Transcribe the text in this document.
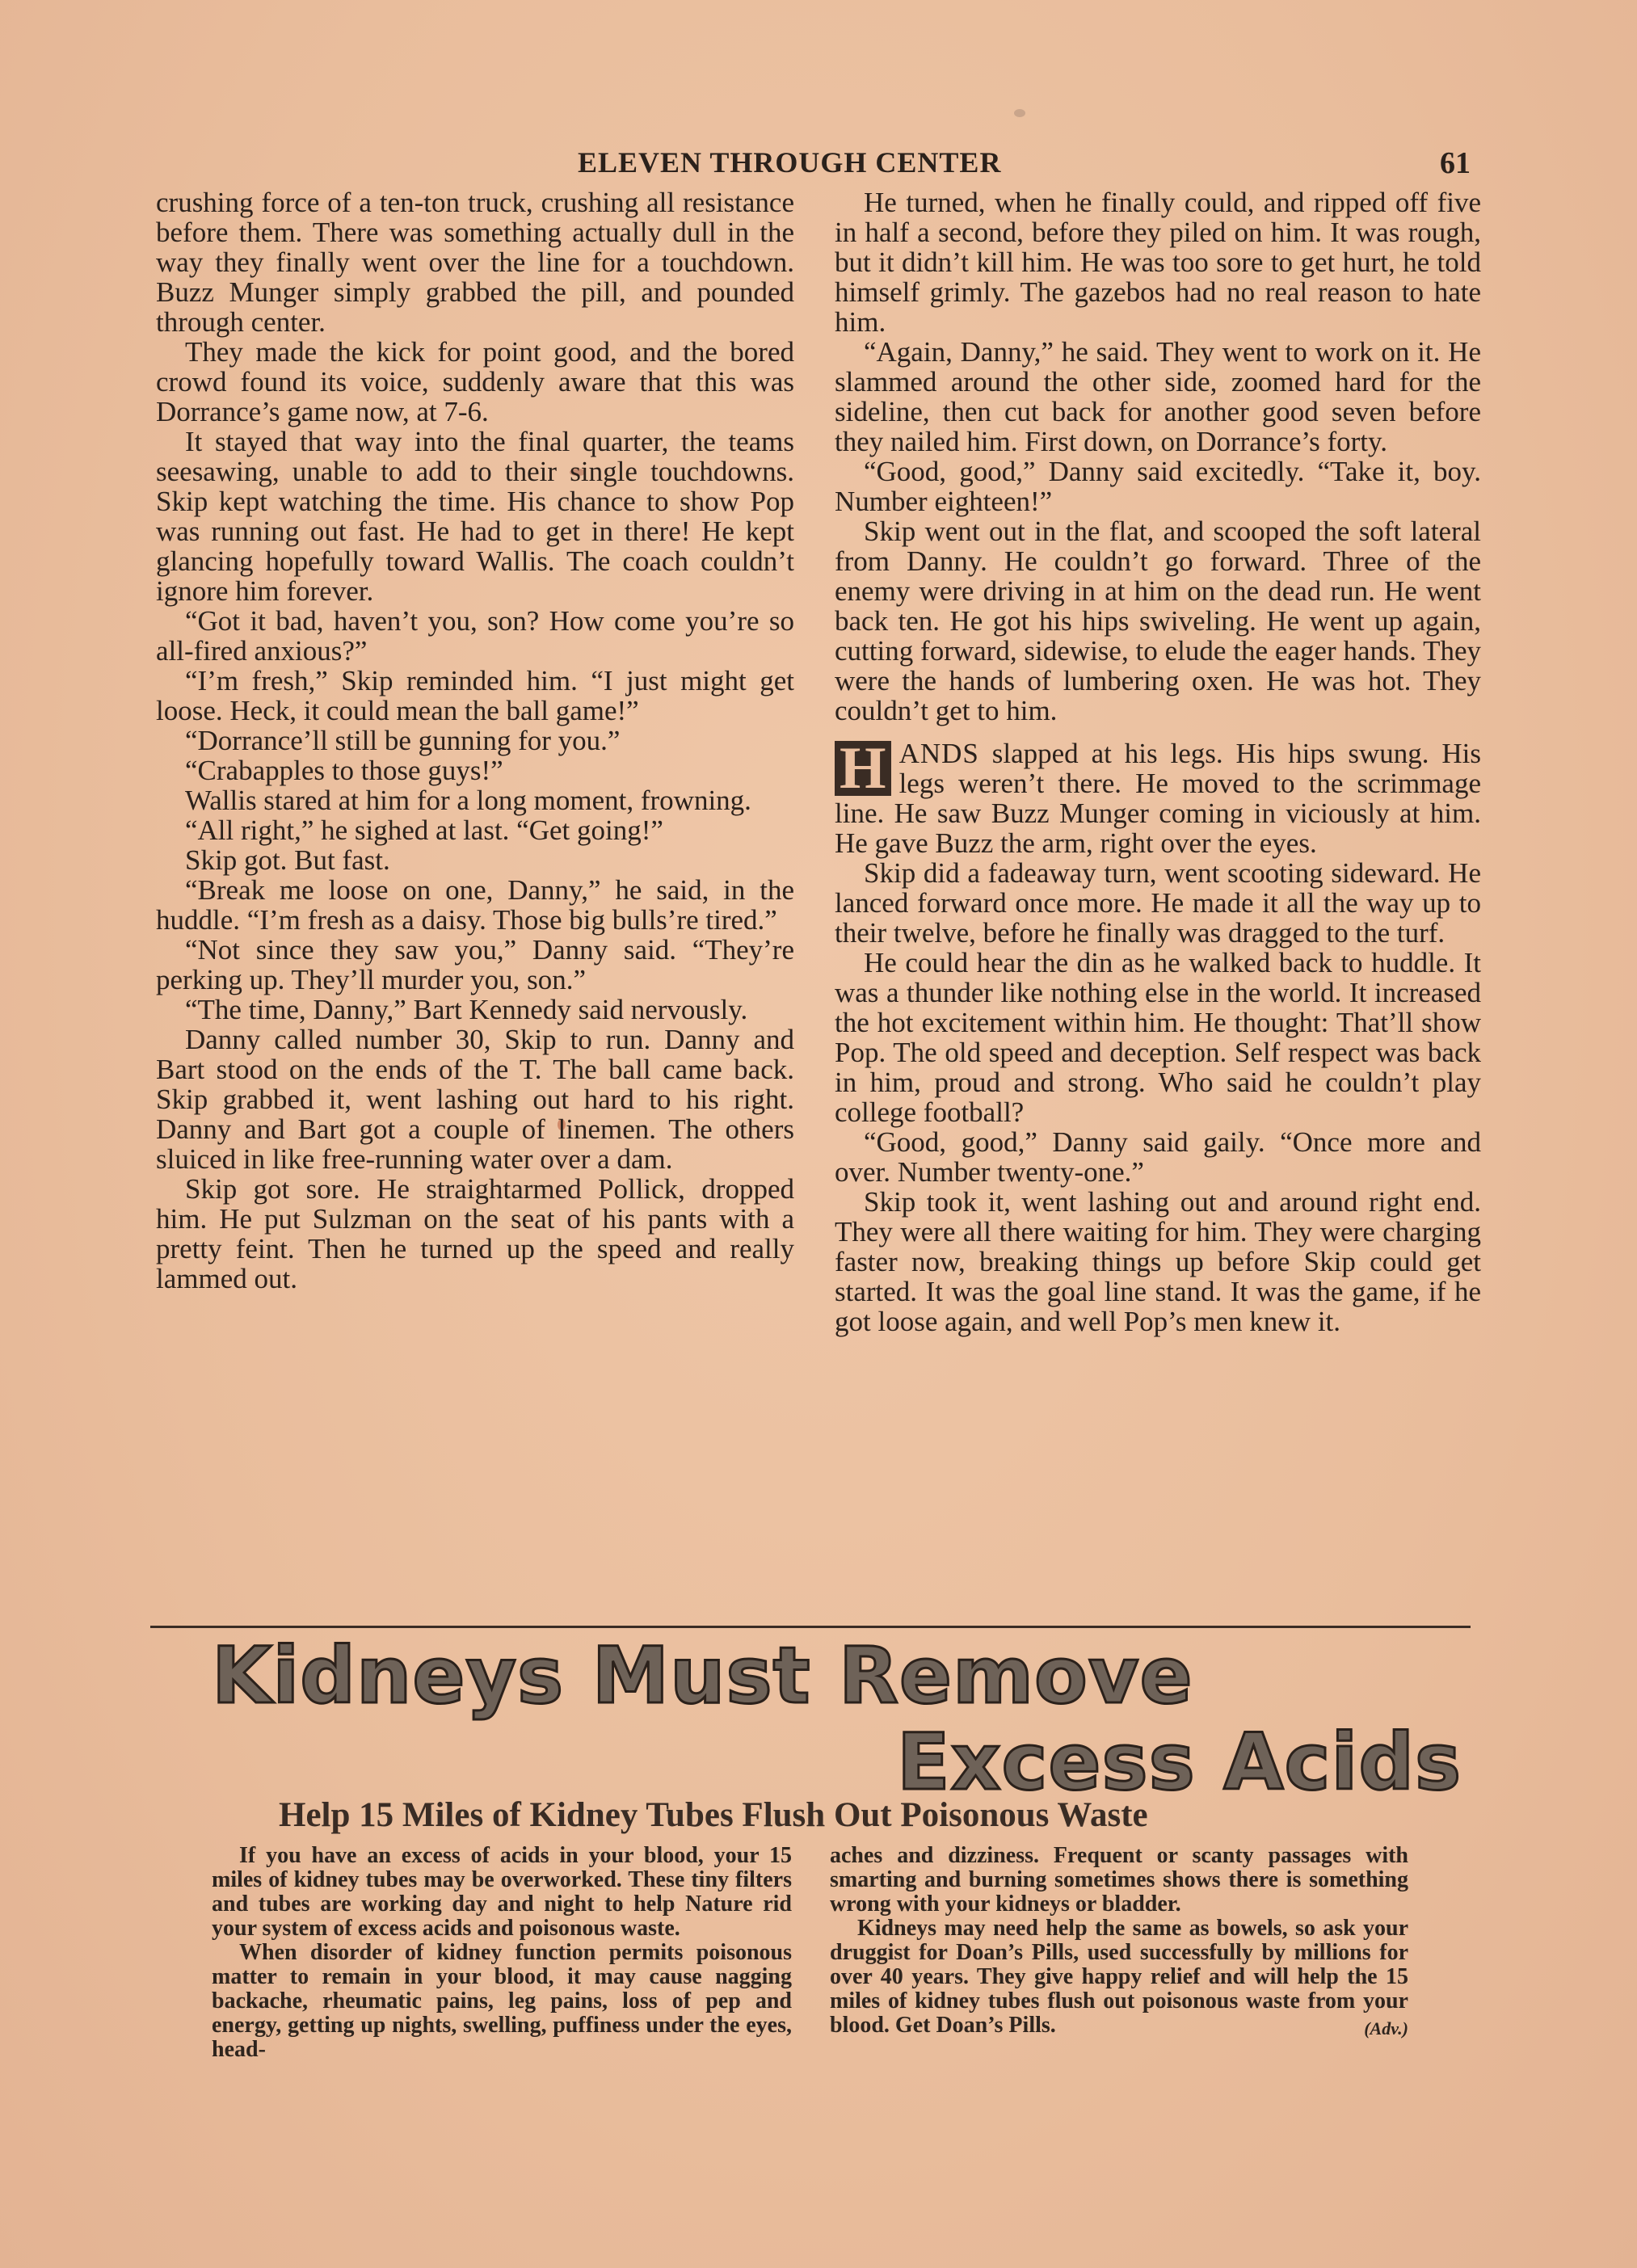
ELEVEN THROUGH CENTER	61

crushing force of a ten-ton truck, crushing all resistance before them. There was something actually dull in the way they finally went over the line for a touchdown. Buzz Munger simply grabbed the pill, and pounded through center.

They made the kick for point good, and the bored crowd found its voice, suddenly aware that this was Dorrance’s game now, at 7-6.

It stayed that way into the final quarter, the teams seesawing, unable to add to their single touchdowns. Skip kept watching the time. His chance to show Pop was running out fast. He had to get in there! He kept glancing hopefully toward Wallis. The coach couldn’t ignore him forever.

“Got it bad, haven’t you, son? How come you’re so all-fired anxious?”

“I’m fresh,” Skip reminded him. “I just might get loose. Heck, it could mean the ball game!”

“Dorrance’ll still be gunning for you.”

“Crabapples to those guys!”

Wallis stared at him for a long moment, frowning.

“All right,” he sighed at last. “Get going!”

Skip got. But fast.

“Break me loose on one, Danny,” he said, in the huddle. “I’m fresh as a daisy. Those big bulls’re tired.”

“Not since they saw you,” Danny said. “They’re perking up. They’ll murder you, son.”

“The time, Danny,” Bart Kennedy said nervously.

Danny called number 30, Skip to run. Danny and Bart stood on the ends of the T. The ball came back. Skip grabbed it, went lashing out hard to his right. Danny and Bart got a couple of linemen. The others sluiced in like free-running water over a dam.

Skip got sore. He straightarmed Pollick, dropped him. He put Sulzman on the seat of his pants with a pretty feint. Then he turned up the speed and really lammed out.

He turned, when he finally could, and ripped off five in half a second, before they piled on him. It was rough, but it didn’t kill him. He was too sore to get hurt, he told himself grimly. The gazebos had no real reason to hate him.

“Again, Danny,” he said. They went to work on it. He slammed around the other side, zoomed hard for the sideline, then cut back for another good seven before they nailed him. First down, on Dorrance’s forty.

“Good, good,” Danny said excitedly. “Take it, boy. Number eighteen!”

Skip went out in the flat, and scooped the soft lateral from Danny. He couldn’t go forward. Three of the enemy were driving in at him on the dead run. He went back ten. He got his hips swiveling. He went up again, cutting forward, sidewise, to elude the eager hands. They were the hands of lumbering oxen. He was hot. They couldn’t get to him.

H ANDS slapped at his legs. His hips swung. His legs weren’t there. He moved to the scrimmage line. He saw Buzz Munger coming in viciously at him. He gave Buzz the arm, right over the eyes.

Skip did a fadeaway turn, went scooting sideward. He lanced forward once more. He made it all the way up to their twelve, before he finally was dragged to the turf.

He could hear the din as he walked back to huddle. It was a thunder like nothing else in the world. It increased the hot excitement within him. He thought: That’ll show Pop. The old speed and deception. Self respect was back in him, proud and strong. Who said he couldn’t play college football?

“Good, good,” Danny said gaily. “Once more and over. Number twenty-one.”

Skip took it, went lashing out and around right end. They were all there waiting for him. They were charging faster now, breaking things up before Skip could get started. It was the goal line stand. It was the game, if he got loose again, and well Pop’s men knew it.

Kidneys Must Remove
Excess Acids
Help 15 Miles of Kidney Tubes Flush Out Poisonous Waste

If you have an excess of acids in your blood, your 15 miles of kidney tubes may be overworked. These tiny filters and tubes are working day and night to help Nature rid your system of excess acids and poisonous waste.

When disorder of kidney function permits poisonous matter to remain in your blood, it may cause nagging backache, rheumatic pains, leg pains, loss of pep and energy, getting up nights, swelling, puffiness under the eyes, head-

aches and dizziness. Frequent or scanty passages with smarting and burning sometimes shows there is something wrong with your kidneys or bladder.

Kidneys may need help the same as bowels, so ask your druggist for Doan’s Pills, used successfully by millions for over 40 years. They give happy relief and will help the 15 miles of kidney tubes flush out poisonous waste from your blood. Get Doan’s Pills.	(Adv.)
